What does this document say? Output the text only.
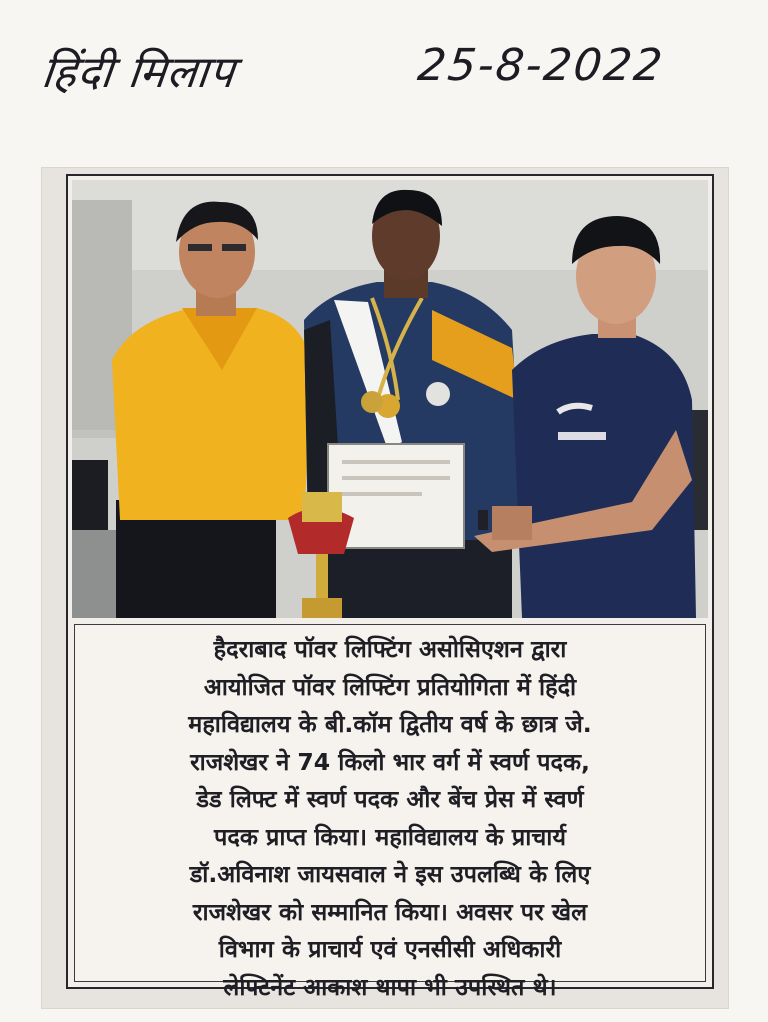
हिंदी मिलाप	25-8-2022
हैदराबाद पॉवर लिफ्टिंग असोसिएशन द्वारा
आयोजित पॉवर लिफ्टिंग प्रतियोगिता में हिंदी
महाविद्यालय के बी.कॉम द्वितीय वर्ष के छात्र जे.
राजशेखर ने 74 किलो भार वर्ग में स्वर्ण पदक,
डेड लिफ्ट में स्वर्ण पदक और बेंच प्रेस में स्वर्ण
पदक प्राप्त किया। महाविद्यालय के प्राचार्य
डॉ.अविनाश जायसवाल ने इस उपलब्धि के लिए
राजशेखर को सम्मानित किया। अवसर पर खेल
विभाग के प्राचार्य एवं एनसीसी अधिकारी
लेफ्टिनेंट आकाश थापा भी उपस्थित थे।
